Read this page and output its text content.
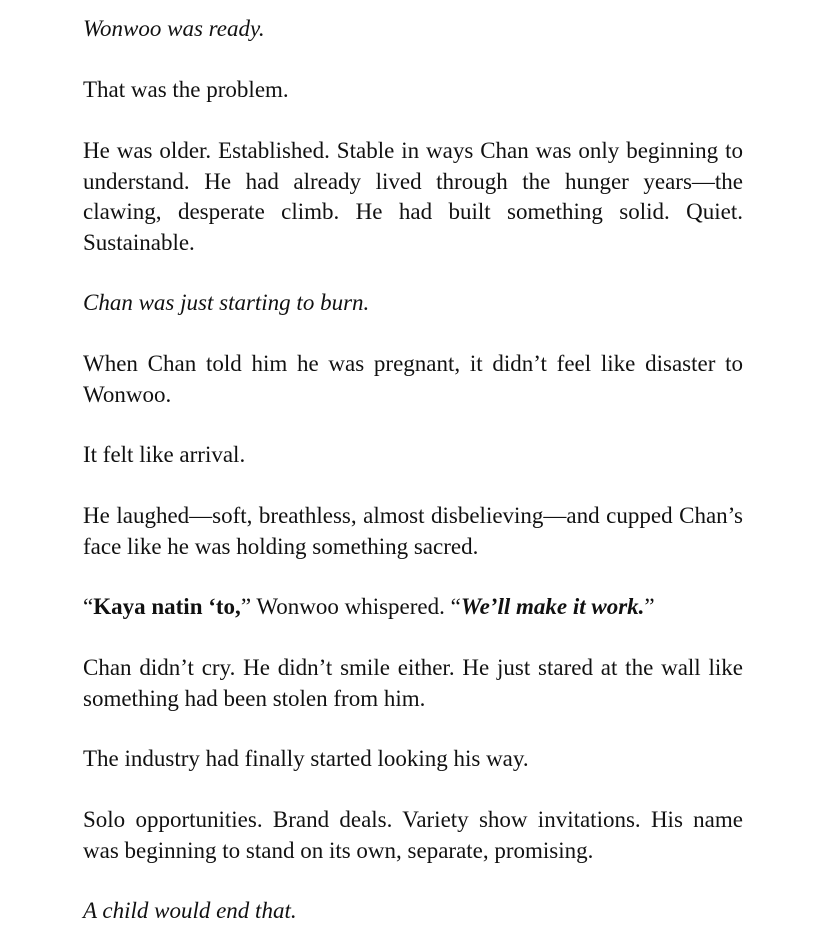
Wonwoo was ready.

That was the problem.

He was older. Established. Stable in ways Chan was only beginning to understand. He had already lived through the hunger years—the clawing, desperate climb. He had built something solid. Quiet. Sustainable.

Chan was just starting to burn.

When Chan told him he was pregnant, it didn’t feel like disaster to Wonwoo.

It felt like arrival.

He laughed—soft, breathless, almost disbelieving—and cupped Chan’s face like he was holding something sacred.

“Kaya natin ‘to,” Wonwoo whispered. “We’ll make it work.”

Chan didn’t cry. He didn’t smile either. He just stared at the wall like something had been stolen from him.

The industry had finally started looking his way.

Solo opportunities. Brand deals. Variety show invitations. His name was beginning to stand on its own, separate, promising.

A child would end that.
